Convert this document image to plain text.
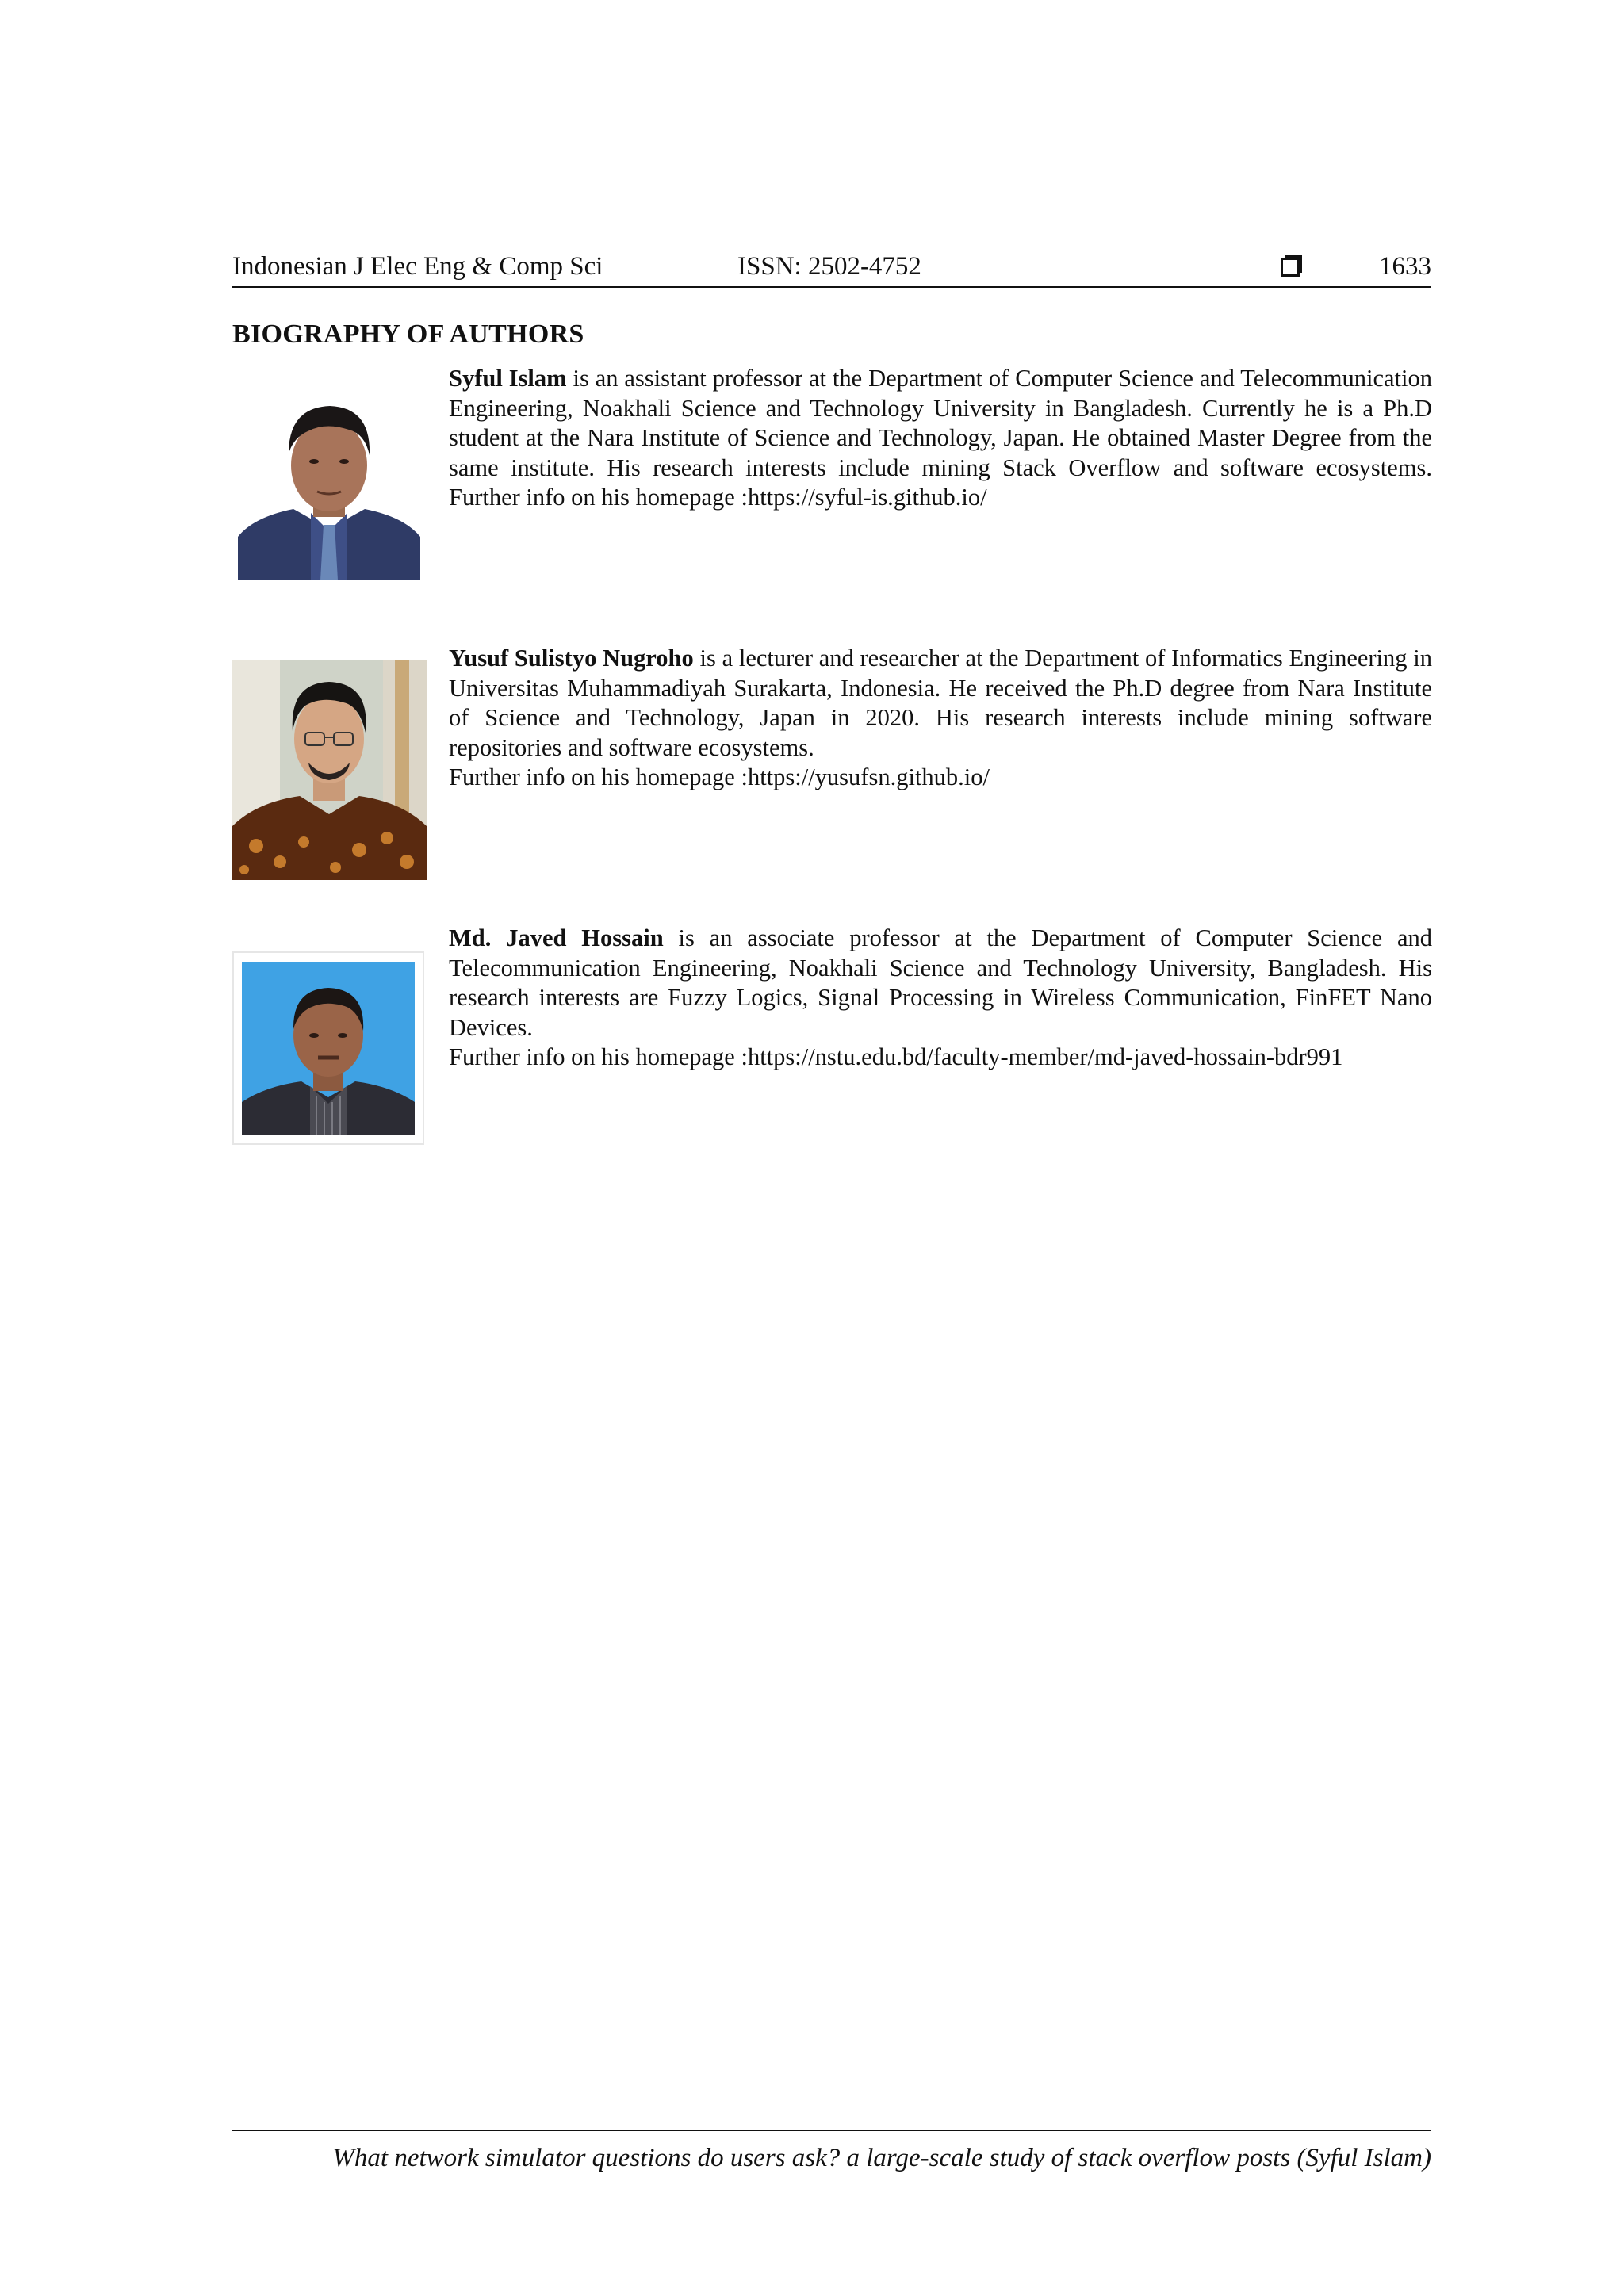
Indonesian J Elec Eng & Comp Sci	ISSN: 2502-4752	1633
BIOGRAPHY OF AUTHORS
Syful Islam is an assistant professor at the Department of Computer Science and Telecommunication Engineering, Noakhali Science and Technology University in Bangladesh. Currently he is a Ph.D student at the Nara Institute of Science and Technology, Japan. He obtained Master Degree from the same institute. His research interests include mining Stack Overflow and software ecosystems. Further info on his homepage :https://syful-is.github.io/
Yusuf Sulistyo Nugroho is a lecturer and researcher at the Department of Informatics Engineering in Universitas Muhammadiyah Surakarta, Indonesia. He received the Ph.D degree from Nara Institute of Science and Technology, Japan in 2020. His research interests include mining software repositories and software ecosystems.
Further info on his homepage :https://yusufsn.github.io/
Md. Javed Hossain is an associate professor at the Department of Computer Science and Telecommunication Engineering, Noakhali Science and Technology University, Bangladesh. His research interests are Fuzzy Logics, Signal Processing in Wireless Communication, FinFET Nano Devices.
Further info on his homepage :https://nstu.edu.bd/faculty-member/md-javed-hossain-bdr991
What network simulator questions do users ask? a large-scale study of stack overflow posts (Syful Islam)
